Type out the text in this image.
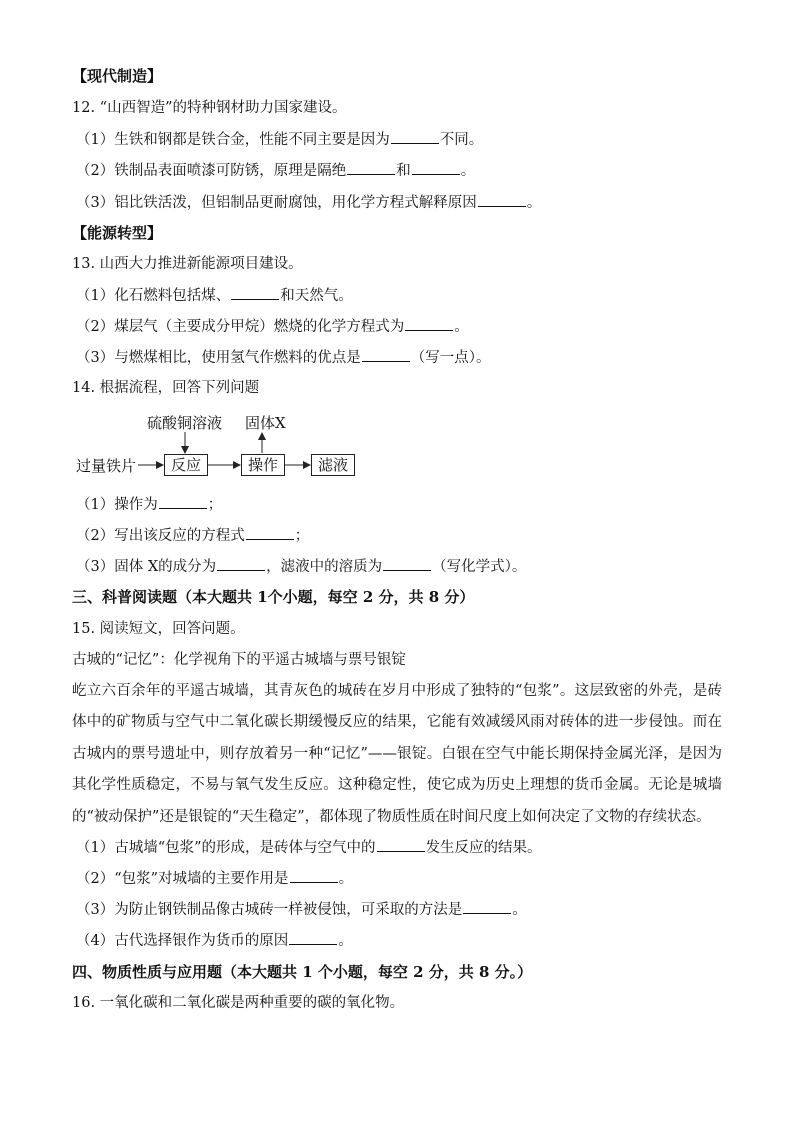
【现代制造】
12. “山西智造”的特种钢材助力国家建设。
（1）生铁和钢都是铁合金，性能不同主要是因为	不同。
（2）铁制品表面喷漆可防锈，原理是隔绝	和	。
（3）铝比铁活泼，但铝制品更耐腐蚀，用化学方程式解释原因	。
【能源转型】
13. 山西大力推进新能源项目建设。
（1）化石燃料包括煤、	和天然气。
（2）煤层气（主要成分甲烷）燃烧的化学方程式为	。
（3）与燃煤相比，使用氢气作燃料的优点是	（写一点）。
14. 根据流程，回答下列问题
硫酸铜溶液 固体X
过量铁片	反应	操作	滤液
（1）操作为	；
（2）写出该反应的方程式	；
（3）固体 X的成分为	，滤液中的溶质为	（写化学式）。
三、科普阅读题（本大题共 1个小题，每空 2 分，共 8 分）
15. 阅读短文，回答问题。
古城的“记忆”：化学视角下的平遥古城墙与票号银锭
屹立六百余年的平遥古城墙，其青灰色的城砖在岁月中形成了独特的“包浆”。这层致密的外壳，是砖体中的矿物质与空气中二氧化碳长期缓慢反应的结果，它能有效减缓风雨对砖体的进一步侵蚀。而在古城内的票号遗址中，则存放着另一种“记忆”——银锭。白银在空气中能长期保持金属光泽，是因为其化学性质稳定，不易与氧气发生反应。这种稳定性，使它成为历史上理想的货币金属。无论是城墙的“被动保护”还是银锭的“天生稳定”，都体现了物质性质在时间尺度上如何决定了文物的存续状态。
（1）古城墙“包浆”的形成，是砖体与空气中的	发生反应的结果。
（2）“包浆”对城墙的主要作用是	。
（3）为防止钢铁制品像古城砖一样被侵蚀，可采取的方法是	。
（4）古代选择银作为货币的原因	。
四、物质性质与应用题（本大题共 1 个小题，每空 2 分，共 8 分。）
16. 一氧化碳和二氧化碳是两种重要的碳的氧化物。
